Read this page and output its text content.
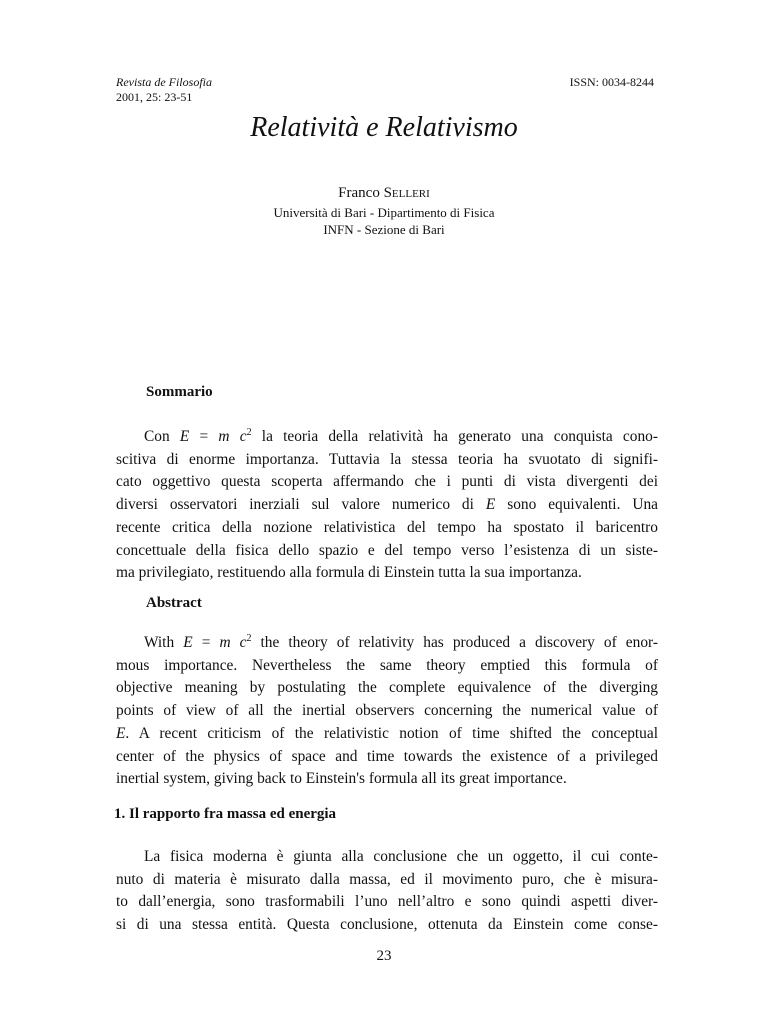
Revista de Filosofia
2001, 25: 23-51
ISSN: 0034-8244
Relatività e Relativismo
Franco Selleri
Università di Bari - Dipartimento di Fisica
INFN - Sezione di Bari
Sommario
Con E = m $c^2$ la teoria della relatività ha generato una conquista cono-
scitiva di enorme importanza. Tuttavia la stessa teoria ha svuotato di signifi-
cato oggettivo questa scoperta affermando che i punti di vista divergenti dei
diversi osservatori inerziali sul valore numerico di E sono equivalenti. Una
recente critica della nozione relativistica del tempo ha spostato il baricentro
concettuale della fisica dello spazio e del tempo verso l’esistenza di un siste-
ma privilegiato, restituendo alla formula di Einstein tutta la sua importanza.
Abstract
With E = m $c^2$ the theory of relativity has produced a discovery of enor-
mous importance. Nevertheless the same theory emptied this formula of
objective meaning by postulating the complete equivalence of the diverging
points of view of all the inertial observers concerning the numerical value of
E. A recent criticism of the relativistic notion of time shifted the conceptual
center of the physics of space and time towards the existence of a privileged
inertial system, giving back to Einstein's formula all its great importance.
1. Il rapporto fra massa ed energia
La fisica moderna è giunta alla conclusione che un oggetto, il cui conte-
nuto di materia è misurato dalla massa, ed il movimento puro, che è misura-
to dall’energia, sono trasformabili l’uno nell’altro e sono quindi aspetti diver-
si di una stessa entità. Questa conclusione, ottenuta da Einstein come conse-
23
